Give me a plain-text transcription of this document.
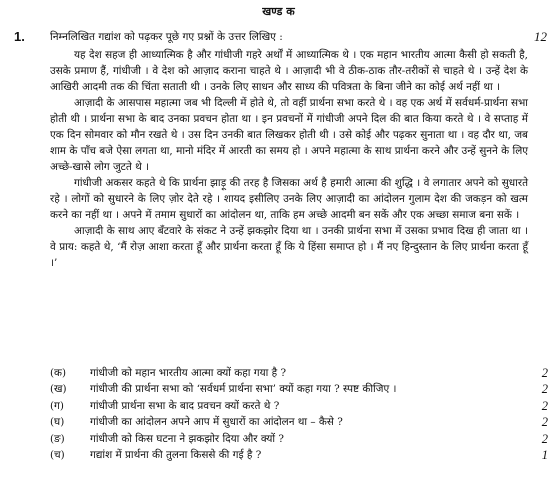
खण्ड क
1.	12
निम्नलिखित गद्यांश को पढ़कर पूछे गए प्रश्नों के उत्तर लिखिए :

यह देश सहज ही आध्यात्मिक है और गांधीजी गहरे अर्थों में आध्यात्मिक थे । एक महान भारतीय आत्मा कैसी हो सकती है, उसके प्रमाण हैं, गांधीजी । वे देश को आज़ाद कराना चाहते थे । आज़ादी भी वे ठीक-ठाक तौर-तरीकों से चाहते थे । उन्हें देश के आखिरी आदमी तक की चिंता सताती थी । उनके लिए साधन और साध्य की पवित्रता के बिना जीने का कोई अर्थ नहीं था ।

आज़ादी के आसपास महात्मा जब भी दिल्ली में होते थे, तो वहीं प्रार्थना सभा करते थे । वह एक अर्थ में सर्वधर्म-प्रार्थना सभा होती थी । प्रार्थना सभा के बाद उनका प्रवचन होता था । इन प्रवचनों में गांधीजी अपने दिल की बात किया करते थे । वे सप्ताह में एक दिन सोमवार को मौन रखते थे । उस दिन उनकी बात लिखकर होती थी । उसे कोई और पढ़कर सुनाता था । वह दौर था, जब शाम के पाँच बजे ऐसा लगता था, मानो मंदिर में आरती का समय हो । अपने महात्मा के साथ प्रार्थना करने और उन्हें सुनने के लिए अच्छे-खासे लोग जुटते थे ।

गांधीजी अकसर कहते थे कि प्रार्थना झाड़ू की तरह है जिसका अर्थ है हमारी आत्मा की शुद्धि । वे लगातार अपने को सुधारते रहे । लोगों को सुधारने के लिए ज़ोर देते रहे । शायद इसीलिए उनके लिए आज़ादी का आंदोलन गुलाम देश की जकड़न को खत्म करने का नहीं था । अपने में तमाम सुधारों का आंदोलन था, ताकि हम अच्छे आदमी बन सकें और एक अच्छा समाज बना सकें ।

आज़ादी के साथ आए बँटवारे के संकट ने उन्हें झकझोर दिया था । उनकी प्रार्थना सभा में उसका प्रभाव दिख ही जाता था । वे प्राय: कहते थे, ‘मैं रोज़ आशा करता हूँ और प्रार्थना करता हूँ कि ये हिंसा समाप्त हो । मैं नए हिन्दुस्तान के लिए प्रार्थना करता हूँ ।’

(क) गांधीजी को महान भारतीय आत्मा क्यों कहा गया है ?	2
(ख) गांधीजी की प्रार्थना सभा को ‘सर्वधर्म प्रार्थना सभा’ क्यों कहा गया ? स्पष्ट कीजिए ।	2
(ग)	गांधीजी प्रार्थना सभा के बाद प्रवचन क्यों करते थे ?	2
(घ) गांधीजी का आंदोलन अपने आप में सुधारों का आंदोलन था – कैसे ?	2
(ङ) गांधीजी को किस घटना ने झकझोर दिया और क्यों ?	2
(च) गद्यांश में प्रार्थना की तुलना किससे की गई है ?	1
